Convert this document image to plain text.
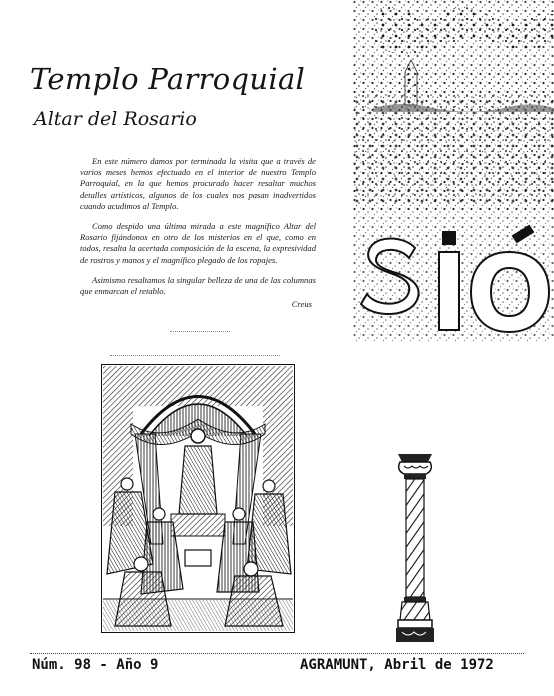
Templo Parroquial
Altar del Rosario

En este número damos por terminada la visita que a través de varios meses hemos efectuado en el interior de nuestro Templo Parroquial, en la que hemos procurado hacer resaltar muchos detalles artísticos, algunos de los cuales nos pasan inadvertidos cuando acudimos al Templo.

Como despido una última mirada a este magnífico Altar del Rosario fijándonos en otro de los misterios en el que, como en todos, resalta la acertada composición de la escena, la expresividad de rostros y manos y el magnífico plegado de los ropajes.

Asimismo resaltamos la singular belleza de una de las columnas que enmarcan el retablo.

Creus
Núm. 98 - Año 9	AGRAMUNT, Abril de 1972
